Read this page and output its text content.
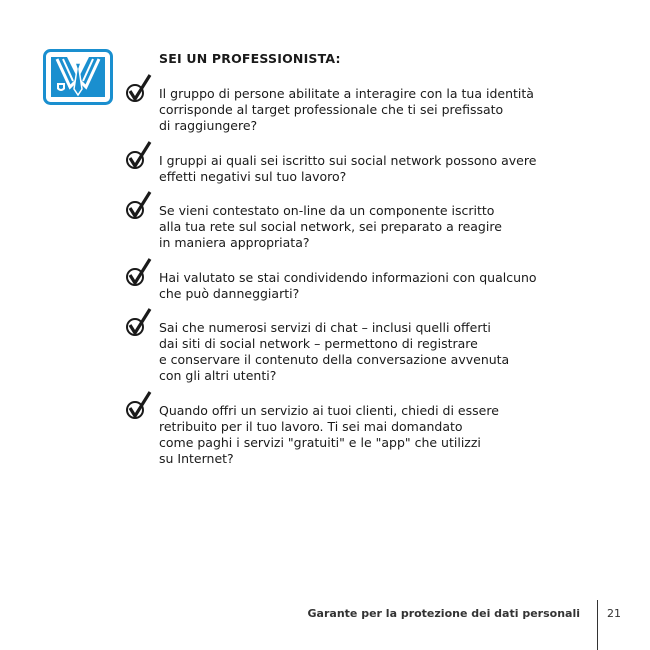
SEI UN PROFESSIONISTA:
Il gruppo di persone abilitate a interagire con la tua identità
corrisponde al target professionale che ti sei prefissato
di raggiungere?
I gruppi ai quali sei iscritto sui social network possono avere
effetti negativi sul tuo lavoro?
Se vieni contestato on-line da un componente iscritto
alla tua rete sul social network, sei preparato a reagire
in maniera appropriata?
Hai valutato se stai condividendo informazioni con qualcuno
che può danneggiarti?
Sai che numerosi servizi di chat – inclusi quelli offerti
dai siti di social network – permettono di registrare
e conservare il contenuto della conversazione avvenuta
con gli altri utenti?
Quando offri un servizio ai tuoi clienti, chiedi di essere
retribuito per il tuo lavoro. Ti sei mai domandato
come paghi i servizi "gratuiti" e le "app" che utilizzi
su Internet?
Garante per la protezione dei dati personali 21
